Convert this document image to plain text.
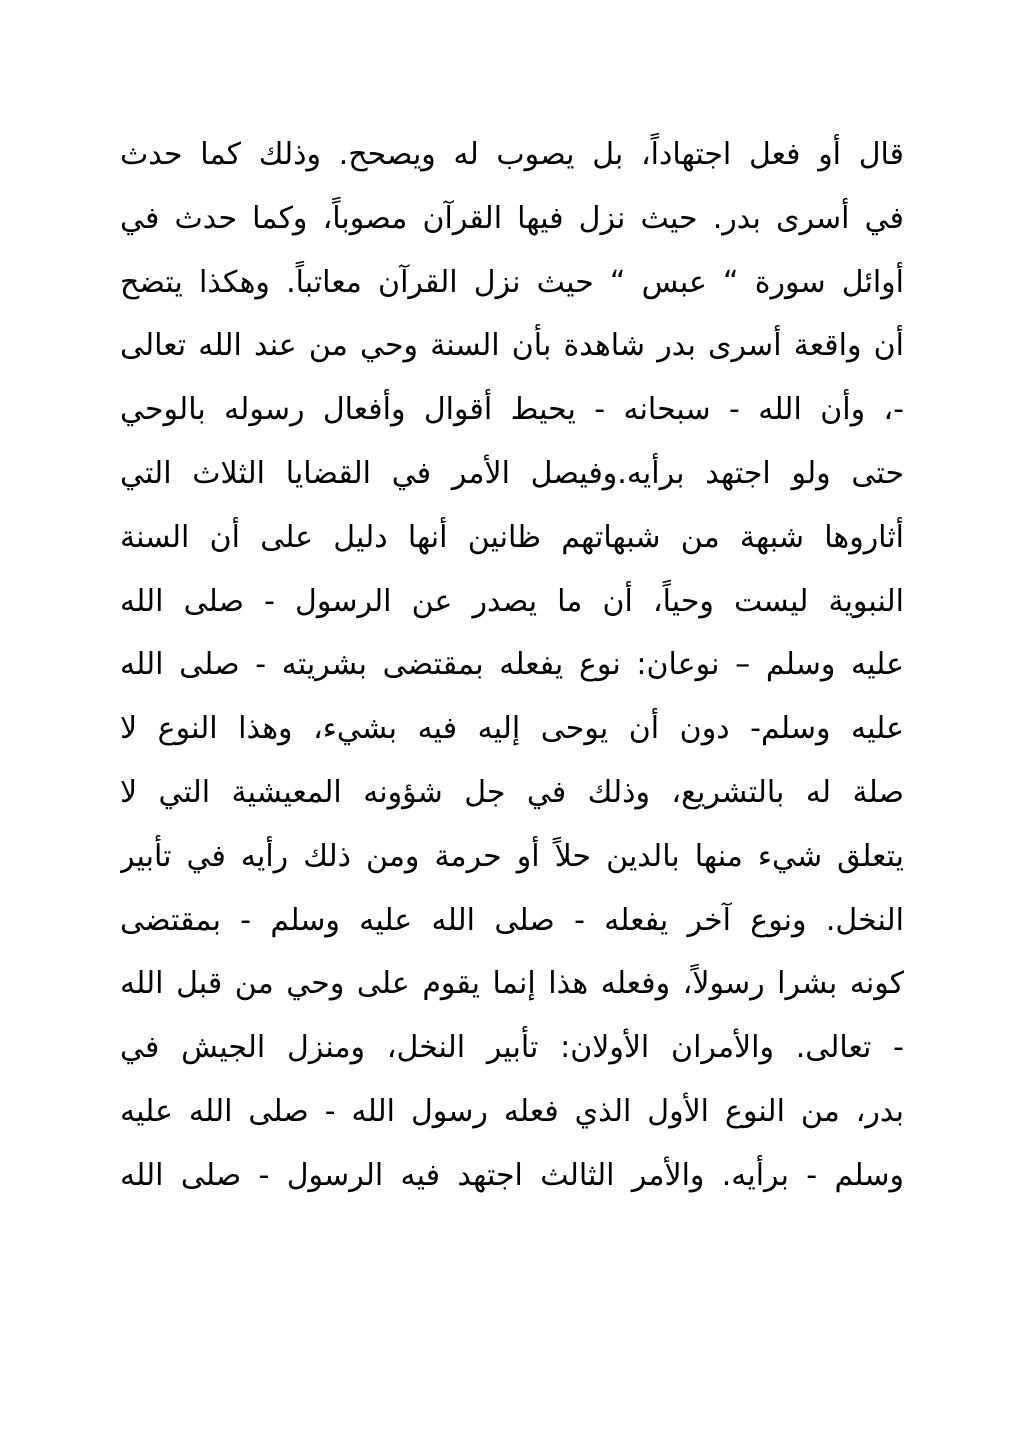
قال أو فعل اجتهاداً، بل يصوب له ويصحح. وذلك كما حدث
في أسرى بدر. حيث نزل فيها القرآن مصوباً، وكما حدث في
أوائل سورة “ عبس “ حيث نزل القرآن معاتباً. وهكذا يتضح
أن واقعة أسرى بدر شاهدة بأن السنة وحي من عند الله تعالى
-، وأن الله - سبحانه - يحيط أقوال وأفعال رسوله بالوحي
حتى ولو اجتهد برأيه.وفيصل الأمر في القضايا الثلاث التي
أثاروها شبهة من شبهاتهم ظانين أنها دليل على أن السنة
النبوية ليست وحياً، أن ما يصدر عن الرسول - صلى الله
عليه وسلم – نوعان: نوع يفعله بمقتضى بشريته - صلى الله
عليه وسلم- دون أن يوحى إليه فيه بشيء، وهذا النوع لا
صلة له بالتشريع، وذلك في جل شؤونه المعيشية التي لا
يتعلق شيء منها بالدين حلاً أو حرمة ومن ذلك رأيه في تأبير
النخل. ونوع آخر يفعله - صلى الله عليه وسلم - بمقتضى
كونه بشرا رسولاً، وفعله هذا إنما يقوم على وحي من قبل الله
- تعالى. والأمران الأولان: تأبير النخل، ومنزل الجيش في
بدر، من النوع الأول الذي فعله رسول الله - صلى الله عليه
وسلم - برأيه. والأمر الثالث اجتهد فيه الرسول - صلى الله
